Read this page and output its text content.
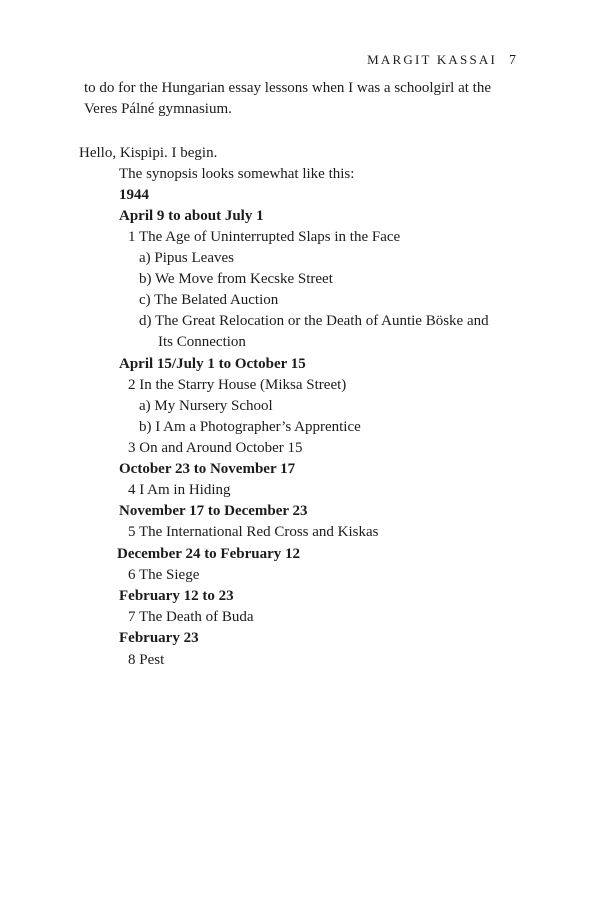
MARGIT KASSAI 7
to do for the Hungarian essay lessons when I was a schoolgirl at the
Veres Pálné gymnasium.
Hello, Kispipi. I begin.
The synopsis looks somewhat like this:
1944
April 9 to about July 1
1 The Age of Uninterrupted Slaps in the Face
a) Pipus Leaves
b) We Move from Kecske Street
c) The Belated Auction
d) The Great Relocation or the Death of Auntie Böske and
Its Connection
April 15/July 1 to October 15
2 In the Starry House (Miksa Street)
a) My Nursery School
b) I Am a Photographer’s Apprentice
3 On and Around October 15
October 23 to November 17
4 I Am in Hiding
November 17 to December 23
5 The International Red Cross and Kiskas
December 24 to February 12
6 The Siege
February 12 to 23
7 The Death of Buda
February 23
8 Pest
